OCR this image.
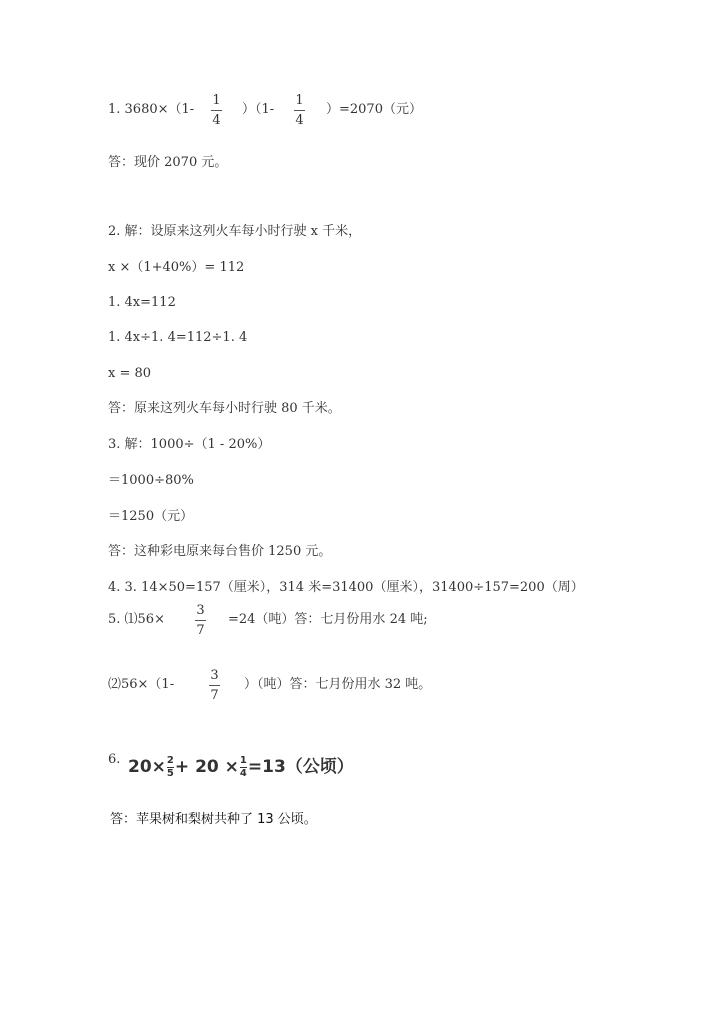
1. 3680×（1-
1
4
）（1-
1
4
）=2070（元）
答：现价 2070 元。
2. 解：设原来这列火车每小时行驶 x 千米，
x ×（1+40%）= 112
1. 4x=112
1. 4x÷1. 4=112÷1. 4
x = 80
答：原来这列火车每小时行驶 80 千米。
3. 解：1000÷（1 - 20%）
＝1000÷80%
＝1250（元）
答：这种彩电原来每台售价 1250 元。
4. 3. 14×50=157（厘米），314 米=31400（厘米），31400÷157=200（周）
5. ⑴56×
3
7
=24（吨）答：七月份用水 24 吨;
⑵56×（1-
3
7
）（吨）答：七月份用水 32 吨。
6. $20\times \frac{2}{5} + 20 \times \frac{1}{4} =13$（公顷）
答：苹果树和梨树共种了 13 公顷。
